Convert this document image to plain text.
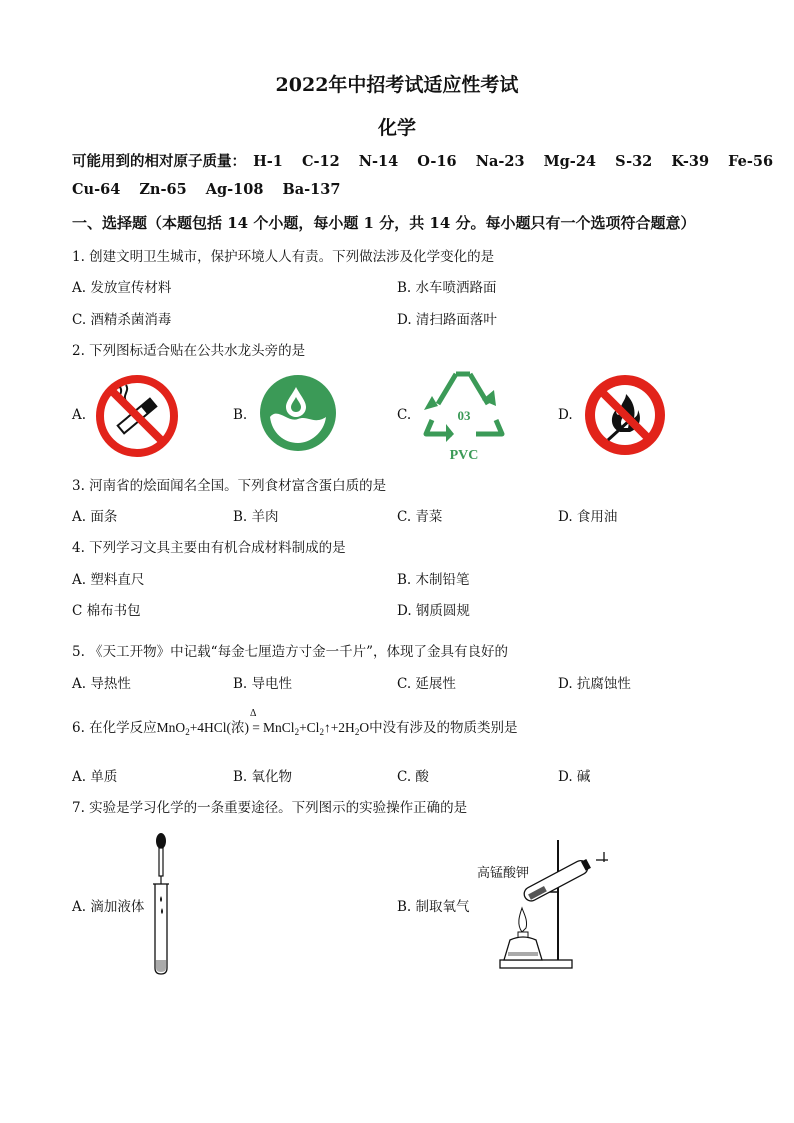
2022年中招考试适应性考试
化学
可能用到的相对原子质量： H-1 C-12 N-14 O-16 Na-23 Mg-24 S-32 K-39 Fe-56
Cu-64 Zn-65 Ag-108 Ba-137
一、选择题（本题包括 14 个小题，每小题 1 分，共 14 分。每小题只有一个选项符合题意）
1. 创建文明卫生城市，保护环境人人有责。下列做法涉及化学变化的是
A. 发放宣传材料	B. 水车喷洒路面
C. 酒精杀菌消毒	D. 清扫路面落叶
2. 下列图标适合贴在公共水龙头旁的是
A.	B.	C.	D.
03
PVC
3. 河南省的烩面闻名全国。下列食材富含蛋白质的是
A. 面条	B. 羊肉	C. 青菜	D. 食用油
4. 下列学习文具主要由有机合成材料制成的是
A. 塑料直尺	B. 木制铅笔
C 棉布书包	D. 钢质圆规
5. 《天工开物》中记载“每金七厘造方寸金一千片”，体现了金具有良好的
A. 导热性	B. 导电性	C. 延展性	D. 抗腐蚀性
6. 在化学反应MnO$_2$+4HCl(浓)
Δ
= $MnCl_2+Cl_2↑+2H_2O$中没有涉及的物质类别是
A. 单质	B. 氧化物	C. 酸	D. 碱
7. 实验是学习化学的一条重要途径。下列图示的实验操作正确的是
A. 滴加液体	B. 制取氧气
高锰酸钾
